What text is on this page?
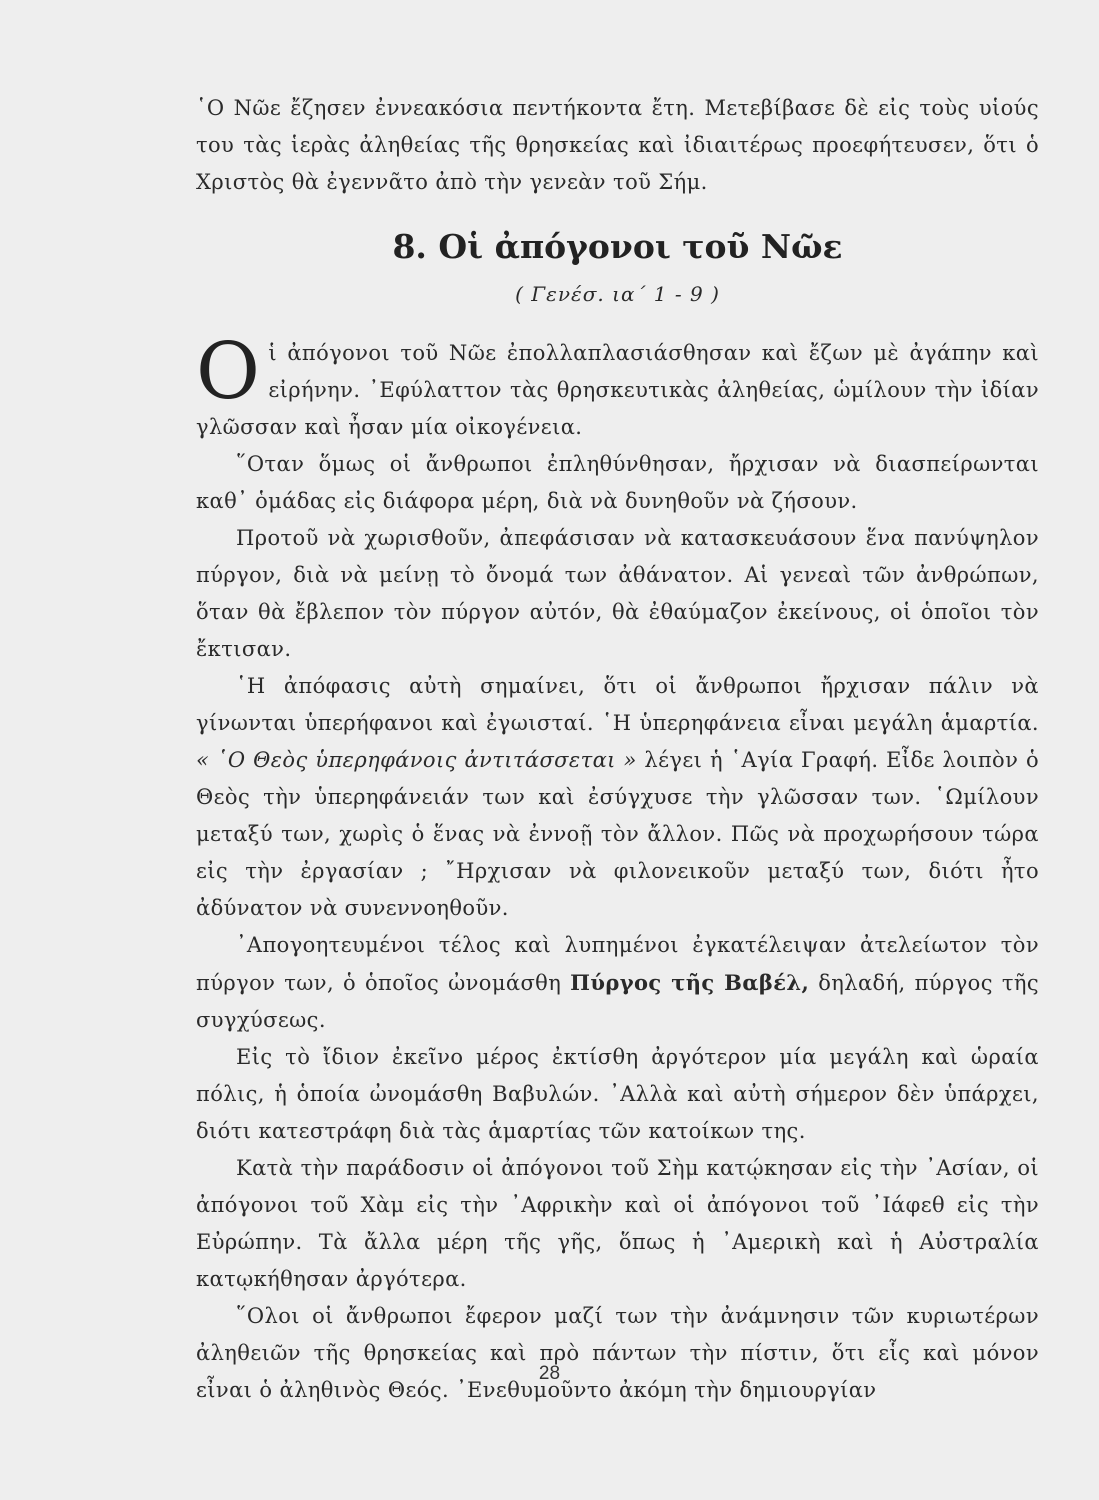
῾Ο Νῶε ἔζησεν ἐννεακόσια πεντήκοντα ἔτη. Μετεβίβασε δὲ εἰς τοὺς υἱούς του τὰς ἱερὰς ἀληθείας τῆς θρησκείας καὶ ἰδιαιτέρως προεφήτευσεν, ὅτι ὁ Χριστὸς θὰ ἐγεννᾶτο ἀπὸ τὴν γενεὰν τοῦ Σήμ.

8. Οἱ ἀπόγονοι τοῦ Νῶε
( Γενέσ. ια΄ 1 - 9 )

Οἱ ἀπόγονοι τοῦ Νῶε ἐπολλαπλασιάσθησαν καὶ ἔζων μὲ ἀγάπην καὶ εἰρήνην. ᾿Εφύλαττον τὰς θρησκευτικὰς ἀληθείας, ὡμίλουν τὴν ἰδίαν γλῶσσαν καὶ ἦσαν μία οἰκογένεια.

῞Οταν ὅμως οἱ ἄνθρωποι ἐπληθύνθησαν, ἤρχισαν νὰ διασπείρωνται καθ᾿ ὁμάδας εἰς διάφορα μέρη, διὰ νὰ δυνηθοῦν νὰ ζήσουν.

Προτοῦ νὰ χωρισθοῦν, ἀπεφάσισαν νὰ κατασκευάσουν ἕνα πανύψηλον πύργον, διὰ νὰ μείνῃ τὸ ὄνομά των ἀθάνατον. Αἱ γενεαὶ τῶν ἀνθρώπων, ὅταν θὰ ἔβλεπον τὸν πύργον αὐτόν, θὰ ἐθαύμαζον ἐκείνους, οἱ ὁποῖοι τὸν ἔκτισαν.

῾Η ἀπόφασις αὐτὴ σημαίνει, ὅτι οἱ ἄνθρωποι ἤρχισαν πάλιν νὰ γίνωνται ὑπερήφανοι καὶ ἐγωισταί. ῾Η ὑπερηφάνεια εἶναι μεγάλη ἁμαρτία. « ῾Ο Θεὸς ὑπερηφάνοις ἀντιτάσσεται » λέγει ἡ ῾Αγία Γραφή. Εἶδε λοιπὸν ὁ Θεὸς τὴν ὑπερηφάνειάν των καὶ ἐσύγχυσε τὴν γλῶσσαν των. ῾Ωμίλουν μεταξύ των, χωρὶς ὁ ἕνας νὰ ἐννοῇ τὸν ἄλλον. Πῶς νὰ προχωρήσουν τώρα εἰς τὴν ἐργασίαν ; ῎Ηρχισαν νὰ φιλονεικοῦν μεταξύ των, διότι ἦτο ἀδύνατον νὰ συνεννοηθοῦν.

᾿Απογοητευμένοι τέλος καὶ λυπημένοι ἐγκατέλειψαν ἀτελείωτον τὸν πύργον των, ὁ ὁποῖος ὠνομάσθη Πύργος τῆς Βαβέλ, δηλαδή, πύργος τῆς συγχύσεως.

Εἰς τὸ ἴδιον ἐκεῖνο μέρος ἐκτίσθη ἀργότερον μία μεγάλη καὶ ὡραία πόλις, ἡ ὁποία ὠνομάσθη Βαβυλών. ᾿Αλλὰ καὶ αὐτὴ σήμερον δὲν ὑπάρχει, διότι κατεστράφη διὰ τὰς ἁμαρτίας τῶν κατοίκων της.

Κατὰ τὴν παράδοσιν οἱ ἀπόγονοι τοῦ Σὴμ κατῴκησαν εἰς τὴν ᾿Ασίαν, οἱ ἀπόγονοι τοῦ Χὰμ εἰς τὴν ᾿Αφρικὴν καὶ οἱ ἀπόγονοι τοῦ ᾿Ιάφεθ εἰς τὴν Εὐρώπην. Τὰ ἄλλα μέρη τῆς γῆς, ὅπως ἡ ᾿Αμερικὴ καὶ ἡ Αὐστραλία κατῳκήθησαν ἀργότερα.

῞Ολοι οἱ ἄνθρωποι ἔφερον μαζί των τὴν ἀνάμνησιν τῶν κυριωτέρων ἀληθειῶν τῆς θρησκείας καὶ πρὸ πάντων τὴν πίστιν, ὅτι εἷς καὶ μόνον εἶναι ὁ ἀληθινὸς Θεός. ᾿Ενεθυμοῦντο ἀκόμη τὴν δημιουργίαν

28
